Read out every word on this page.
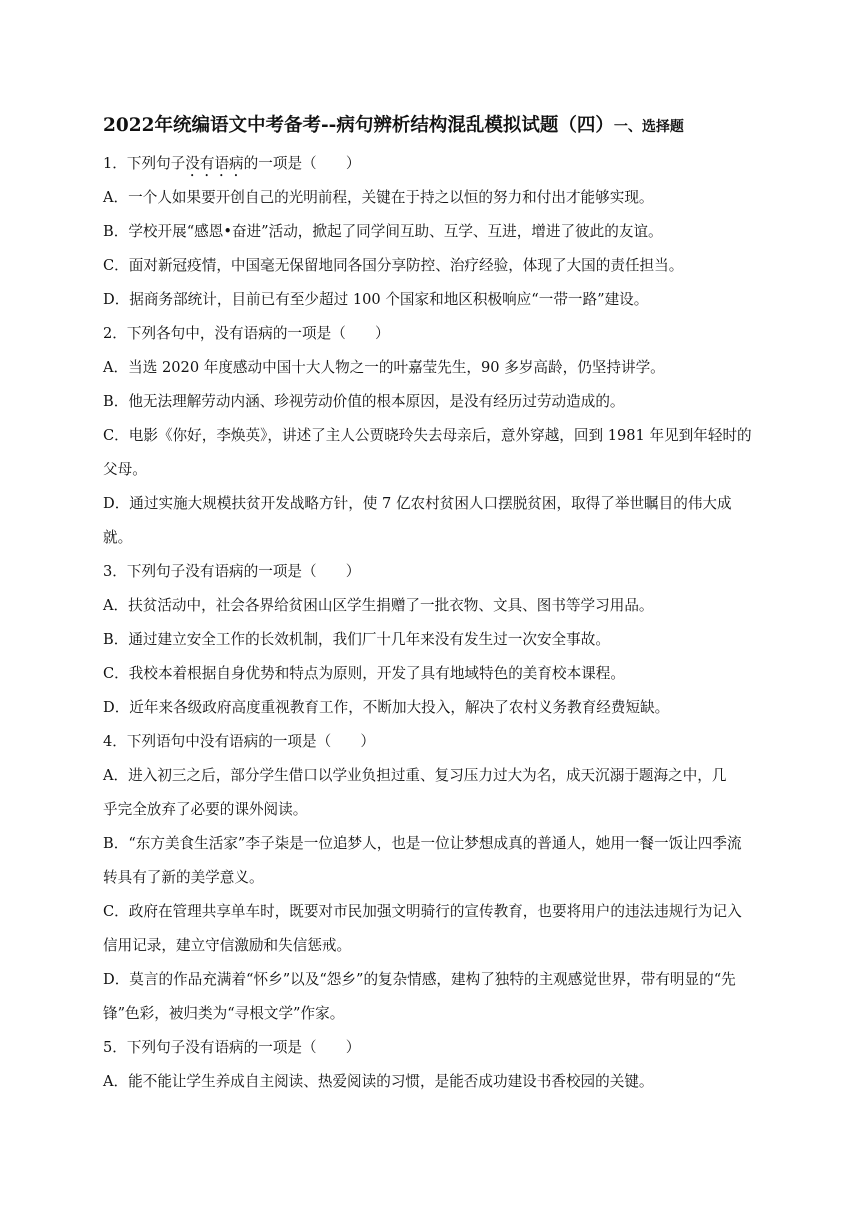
2022年统编语文中考备考--病句辨析结构混乱模拟试题（四）一、选择题

1．下列句子没有语病的一项是（　　）

A．一个人如果要开创自己的光明前程，关键在于持之以恒的努力和付出才能够实现。

B．学校开展“感恩•奋进”活动，掀起了同学间互助、互学、互进，增进了彼此的友谊。

C．面对新冠疫情，中国毫无保留地同各国分享防控、治疗经验，体现了大国的责任担当。

D．据商务部统计，目前已有至少超过 100 个国家和地区积极响应“一带一路”建设。

2．下列各句中，没有语病的一项是（　　）

A．当选 2020 年度感动中国十大人物之一的叶嘉莹先生，90 多岁高龄，仍坚持讲学。

B．他无法理解劳动内涵、珍视劳动价值的根本原因，是没有经历过劳动造成的。

C．电影《你好，李焕英》，讲述了主人公贾晓玲失去母亲后，意外穿越，回到 1981 年见到年轻时的

父母。

D．通过实施大规模扶贫开发战略方针，使 7 亿农村贫困人口摆脱贫困，取得了举世瞩目的伟大成

就。

3．下列句子没有语病的一项是（　　）

A．扶贫活动中，社会各界给贫困山区学生捐赠了一批衣物、文具、图书等学习用品。

B．通过建立安全工作的长效机制，我们厂十几年来没有发生过一次安全事故。

C．我校本着根据自身优势和特点为原则，开发了具有地域特色的美育校本课程。

D．近年来各级政府高度重视教育工作，不断加大投入，解决了农村义务教育经费短缺。

4．下列语句中没有语病的一项是（　　）

A．进入初三之后，部分学生借口以学业负担过重、复习压力过大为名，成天沉溺于题海之中，几

乎完全放弃了必要的课外阅读。

B．“东方美食生活家”李子柒是一位追梦人，也是一位让梦想成真的普通人，她用一餐一饭让四季流

转具有了新的美学意义。

C．政府在管理共享单车时，既要对市民加强文明骑行的宣传教育，也要将用户的违法违规行为记入

信用记录，建立守信激励和失信惩戒。

D．莫言的作品充满着“怀乡”以及“怨乡”的复杂情感，建构了独特的主观感觉世界，带有明显的“先

锋”色彩，被归类为“寻根文学”作家。

5．下列句子没有语病的一项是（　　）

A．能不能让学生养成自主阅读、热爱阅读的习惯，是能否成功建设书香校园的关键。
